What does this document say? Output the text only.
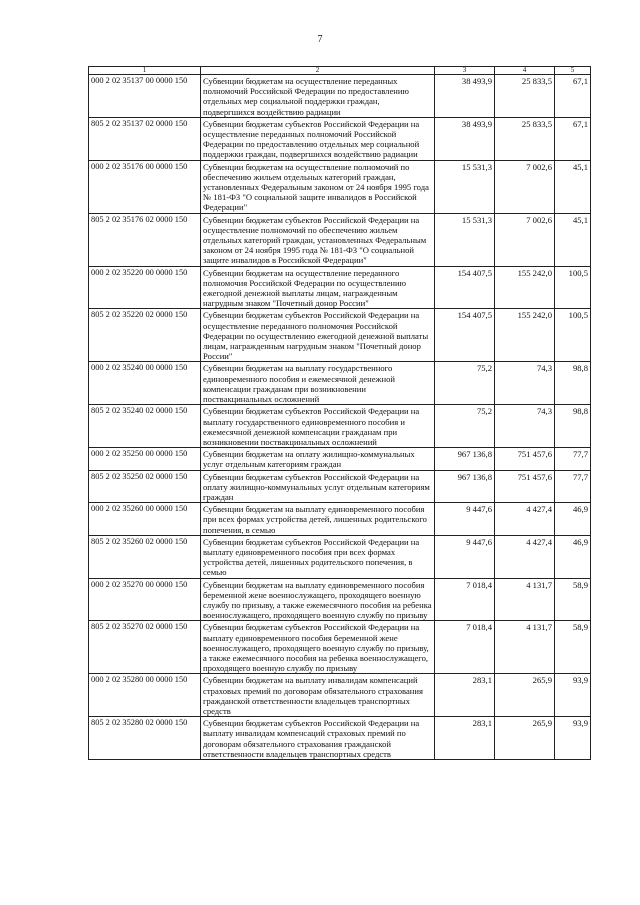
7
1	2	3	4	5
000 2 02 35137 00 0000 150	Субвенции бюджетам на осуществление переданных полномочий Российской Федерации по предоставлению отдельных мер социальной поддержки граждан, подвергшихся воздействию радиации	38 493,9	25 833,5	67,1
805 2 02 35137 02 0000 150	Субвенции бюджетам субъектов Российской Федерации на осуществление переданных полномочий Российской Федерации по предоставлению отдельных мер социальной поддержки граждан, подвергшихся воздействию радиации	38 493,9	25 833,5	67,1
000 2 02 35176 00 0000 150	Субвенции бюджетам на осуществление полномочий по обеспечению жильем отдельных категорий граждан, установленных Федеральным законом от 24 ноября 1995 года № 181-ФЗ "О социальной защите инвалидов в Российской Федерации"	15 531,3	7 002,6	45,1
805 2 02 35176 02 0000 150	Субвенции бюджетам субъектов Российской Федерации на осуществление полномочий по обеспечению жильем отдельных категорий граждан, установленных Федеральным законом от 24 ноября 1995 года № 181-ФЗ "О социальной защите инвалидов в Российской Федерации"	15 531,3	7 002,6	45,1
000 2 02 35220 00 0000 150	Субвенции бюджетам на осуществление переданного полномочия Российской Федерации по осуществлению ежегодной денежной выплаты лицам, награжденным нагрудным знаком "Почетный донор России"	154 407,5	155 242,0	100,5
805 2 02 35220 02 0000 150	Субвенции бюджетам субъектов Российской Федерации на осуществление переданного полномочия Российской Федерации по осуществлению ежегодной денежной выплаты лицам, награжденным нагрудным знаком "Почетный донор России"	154 407,5	155 242,0	100,5
000 2 02 35240 00 0000 150	Субвенции бюджетам на выплату государственного единовременного пособия и ежемесячной денежной компенсации гражданам при возникновении поствакцинальных осложнений	75,2	74,3	98,8
805 2 02 35240 02 0000 150	Субвенции бюджетам субъектов Российской Федерации на выплату государственного единовременного пособия и ежемесячной денежной компенсации гражданам при возникновении поствакцинальных осложнений	75,2	74,3	98,8
000 2 02 35250 00 0000 150	Субвенции бюджетам на оплату жилищно-коммунальных услуг отдельным категориям граждан	967 136,8	751 457,6	77,7
805 2 02 35250 02 0000 150	Субвенции бюджетам субъектов Российской Федерации на оплату жилищно-коммунальных услуг отдельным категориям граждан	967 136,8	751 457,6	77,7
000 2 02 35260 00 0000 150	Субвенции бюджетам на выплату единовременного пособия при всех формах устройства детей, лишенных родительского попечения, в семью	9 447,6	4 427,4	46,9
805 2 02 35260 02 0000 150	Субвенции бюджетам субъектов Российской Федерации на выплату единовременного пособия при всех формах устройства детей, лишенных родительского попечения, в семью	9 447,6	4 427,4	46,9
000 2 02 35270 00 0000 150	Субвенции бюджетам на выплату единовременного пособия беременной жене военнослужащего, проходящего военную службу по призыву, а также ежемесячного пособия на ребенка военнослужащего, проходящего военную службу по призыву	7 018,4	4 131,7	58,9
805 2 02 35270 02 0000 150	Субвенции бюджетам субъектов Российской Федерации на выплату единовременного пособия беременной жене военнослужащего, проходящего военную службу по призыву, а также ежемесячного пособия на ребенка военнослужащего, проходящего военную службу по призыву	7 018,4	4 131,7	58,9
000 2 02 35280 00 0000 150	Субвенции бюджетам на выплату инвалидам компенсаций страховых премий по договорам обязательного страхования гражданской ответственности владельцев транспортных средств	283,1	265,9	93,9
805 2 02 35280 02 0000 150	Субвенции бюджетам субъектов Российской Федерации на выплату инвалидам компенсаций страховых премий по договорам обязательного страхования гражданской ответственности владельцев транспортных средств	283,1	265,9	93,9
